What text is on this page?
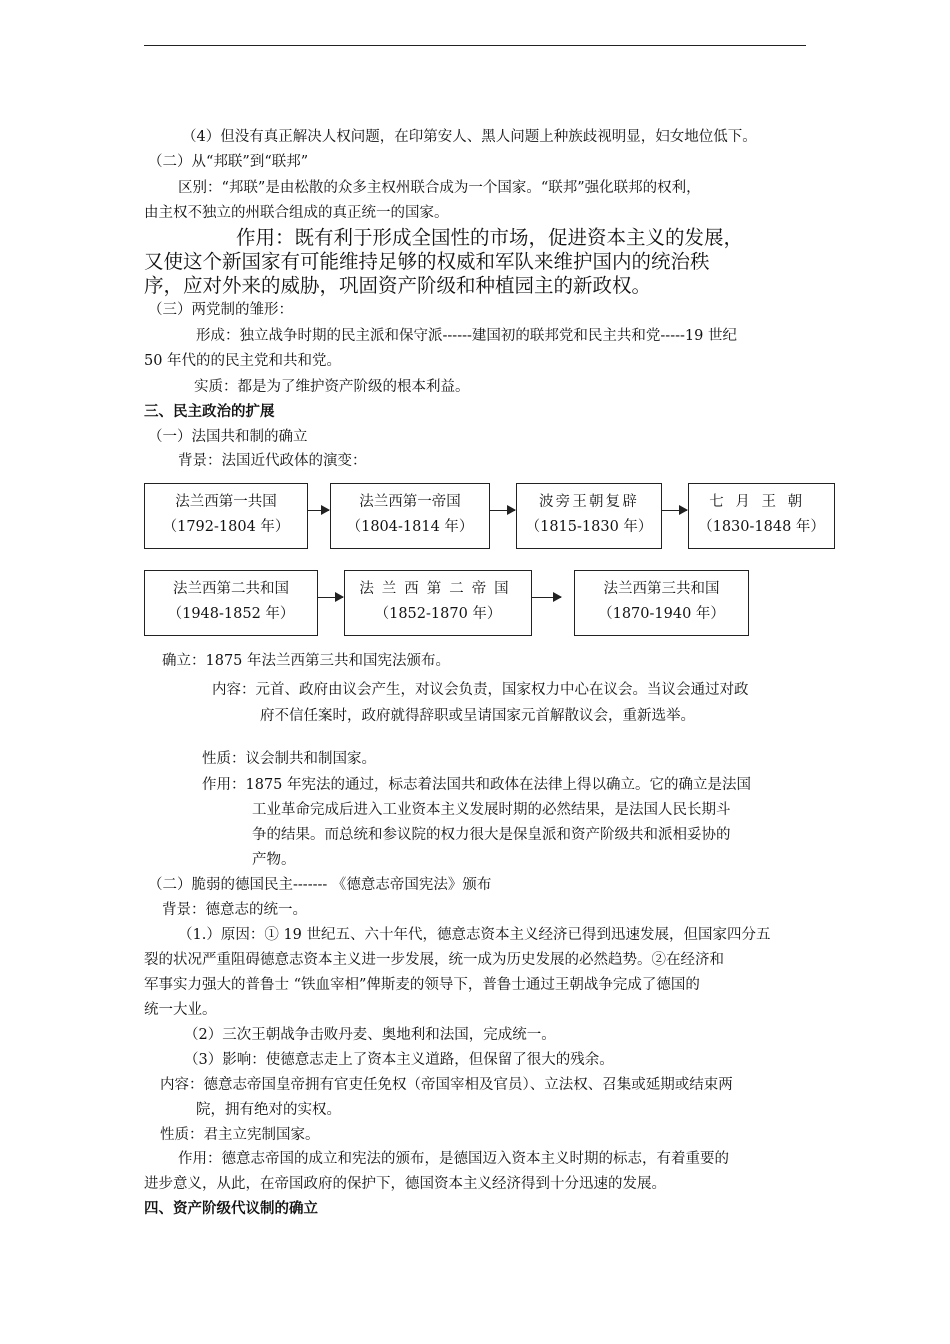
（4）但没有真正解决人权问题，在印第安人、黑人问题上种族歧视明显，妇女地位低下。
（二）从“邦联”到“联邦”
区别：“邦联”是由松散的众多主权州联合成为一个国家。“联邦”强化联邦的权利，
由主权不独立的州联合组成的真正统一的国家。
作用：既有利于形成全国性的市场，促进资本主义的发展，
又使这个新国家有可能维持足够的权威和军队来维护国内的统治秩
序，应对外来的威胁，巩固资产阶级和种植园主的新政权。
（三）两党制的雏形：
形成：独立战争时期的民主派和保守派------建国初的联邦党和民主共和党-----19 世纪
50 年代的的民主党和共和党。
实质：都是为了维护资产阶级的根本利益。
三、民主政治的扩展
（一）法国共和制的确立
背景：法国近代政体的演变：
法兰西第一共国
（1792-1804 年）
法兰西第一帝国
（1804-1814 年）
波旁王朝复辟
（1815-1830 年）
七月王朝
（1830-1848 年）
法兰西第二共和国
（1948-1852 年）
法兰西第二帝国
（1852-1870 年）
法兰西第三共和国
（1870-1940 年）
确立：1875 年法兰西第三共和国宪法颁布。
内容：元首、政府由议会产生，对议会负责，国家权力中心在议会。当议会通过对政
府不信任案时，政府就得辞职或呈请国家元首解散议会，重新选举。
性质：议会制共和制国家。
作用：1875 年宪法的通过，标志着法国共和政体在法律上得以确立。它的确立是法国
工业革命完成后进入工业资本主义发展时期的必然结果，是法国人民长期斗
争的结果。而总统和参议院的权力很大是保皇派和资产阶级共和派相妥协的
产物。
（二）脆弱的德国民主------- 《德意志帝国宪法》颁布
背景：德意志的统一。
（1.）原因：① 19 世纪五、六十年代，德意志资本主义经济已得到迅速发展，但国家四分五
裂的状况严重阻碍德意志资本主义进一步发展，统一成为历史发展的必然趋势。②在经济和
军事实力强大的普鲁士 “铁血宰相”俾斯麦的领导下，普鲁士通过王朝战争完成了德国的
统一大业。
（2）三次王朝战争击败丹麦、奥地利和法国，完成统一。
（3）影响：使德意志走上了资本主义道路，但保留了很大的残余。
内容：德意志帝国皇帝拥有官吏任免权（帝国宰相及官员）、立法权、召集或延期或结束两
院，拥有绝对的实权。
性质：君主立宪制国家。
作用：德意志帝国的成立和宪法的颁布，是德国迈入资本主义时期的标志，有着重要的
进步意义，从此，在帝国政府的保护下，德国资本主义经济得到十分迅速的发展。
四、资产阶级代议制的确立
